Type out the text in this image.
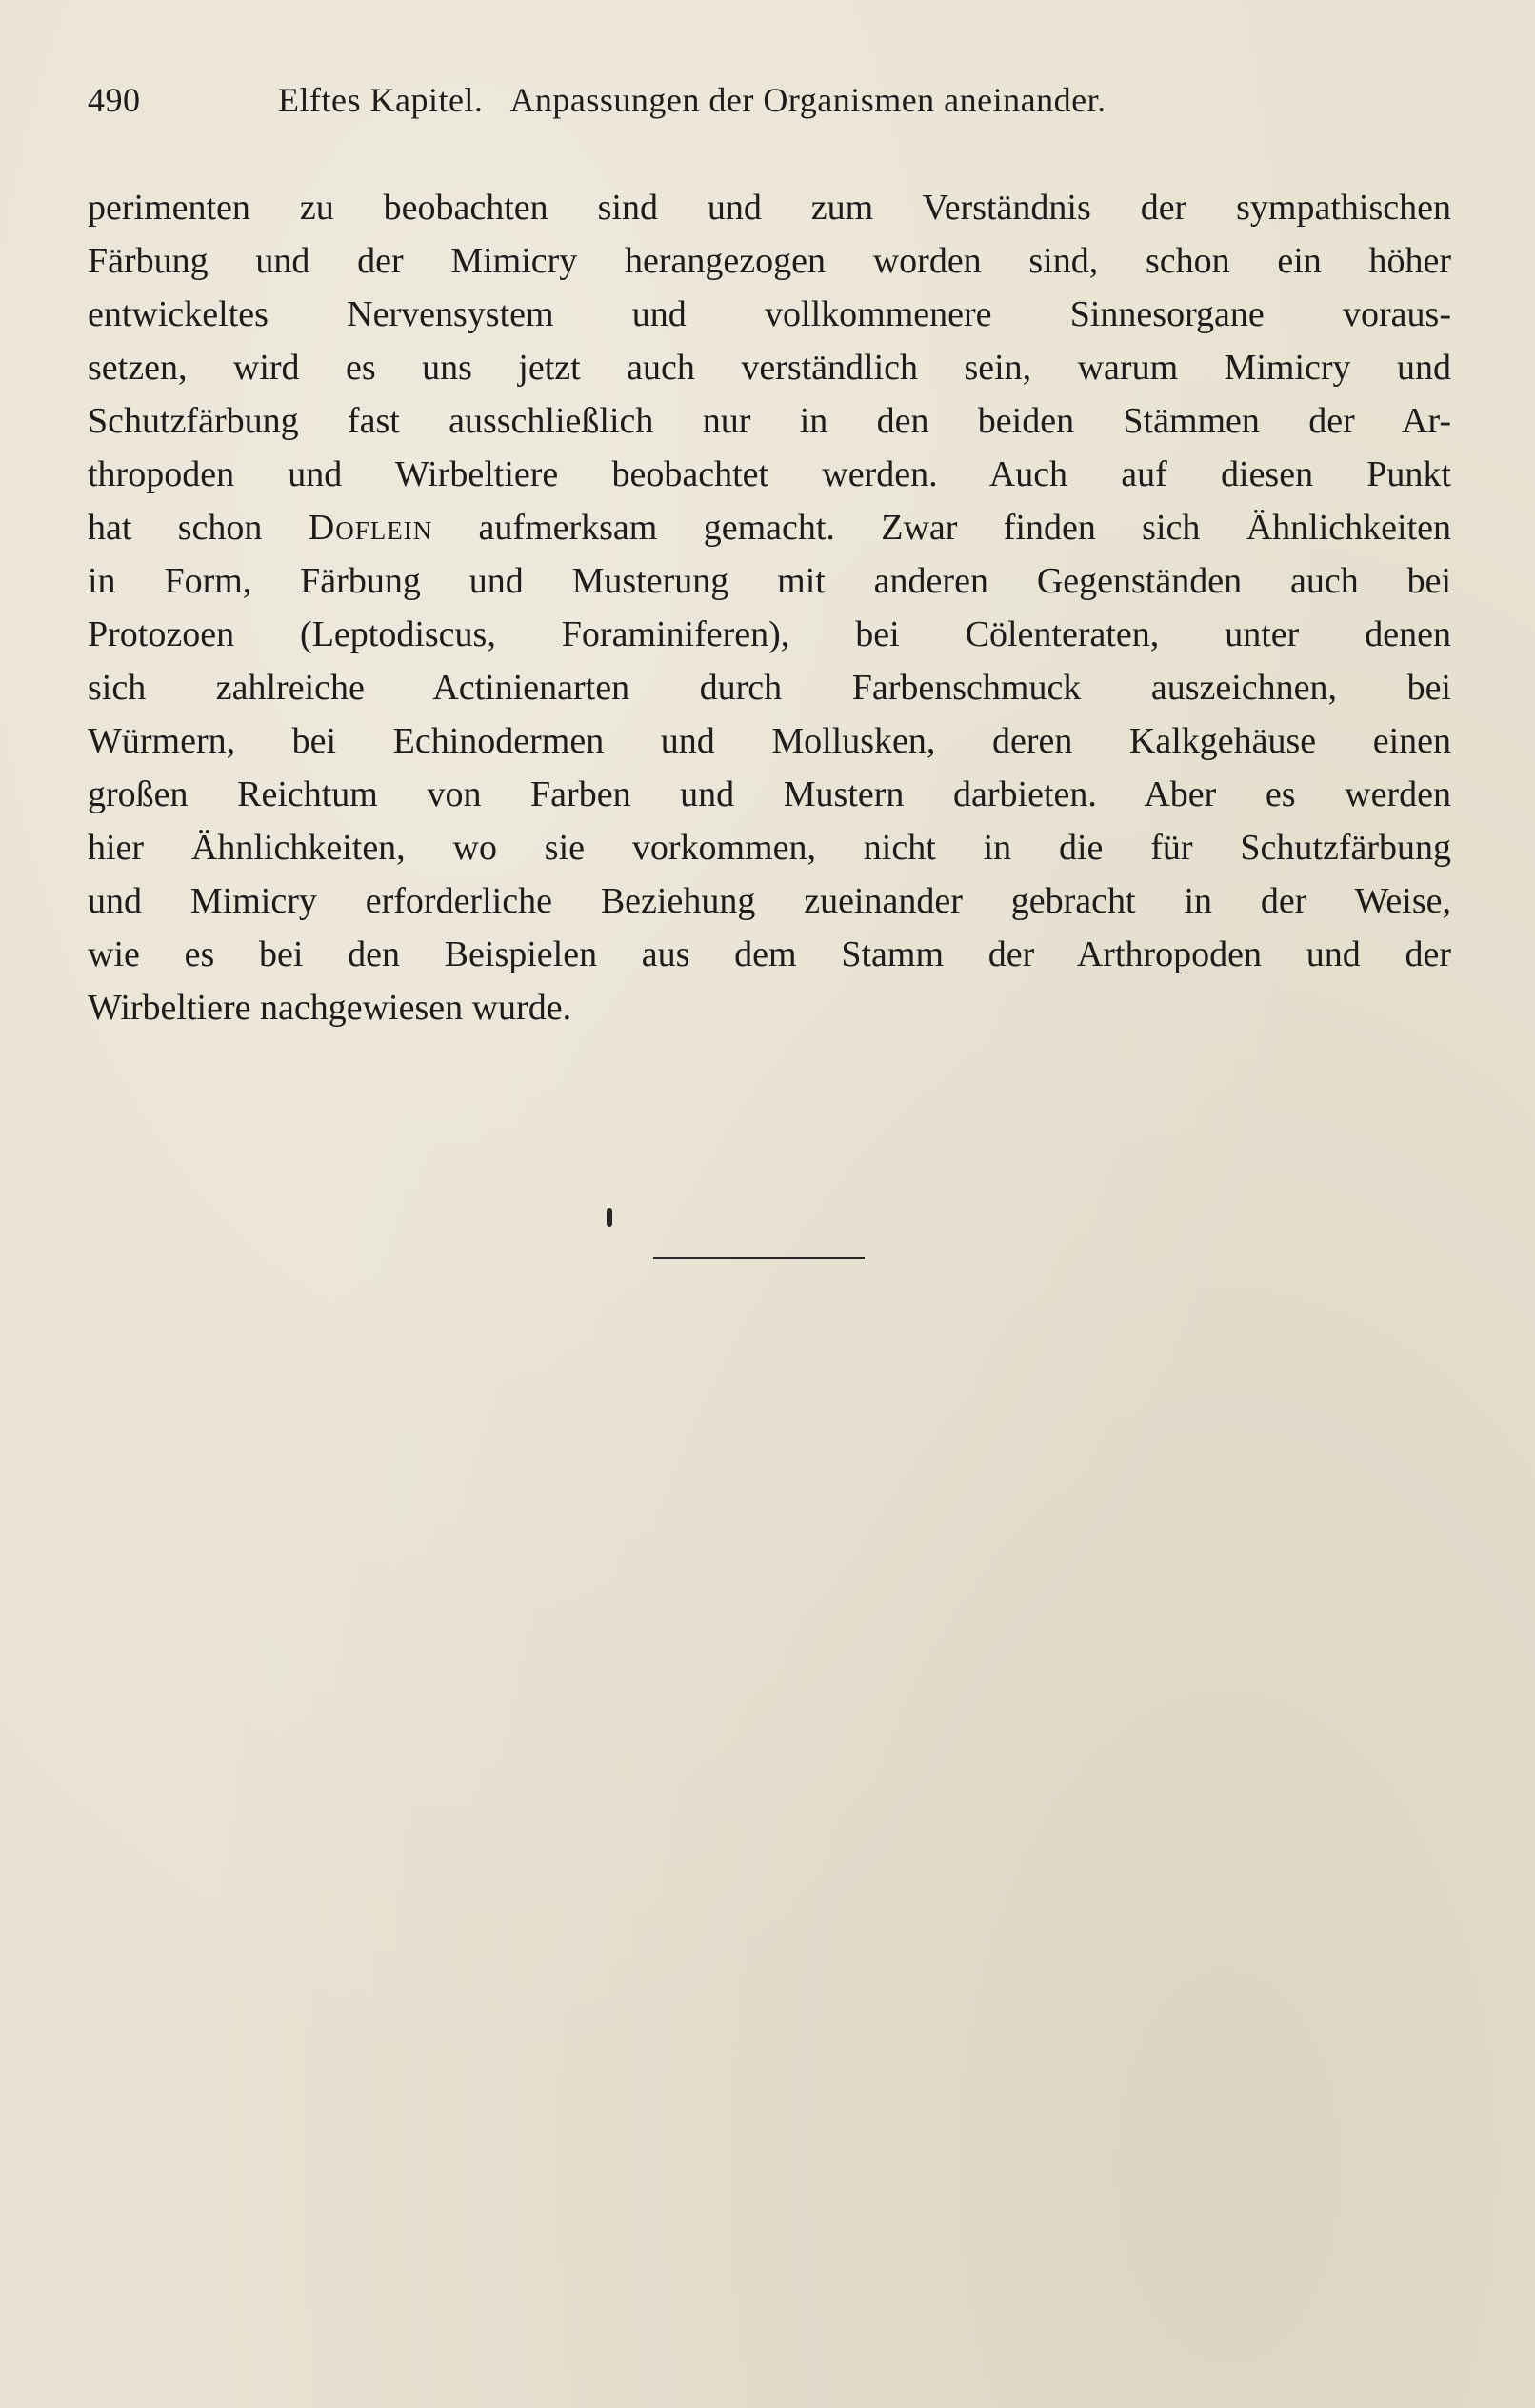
490	Elftes Kapitel. Anpassungen der Organismen aneinander.
perimenten zu beobachten sind und zum Verständnis der sympathischen
Färbung und der Mimicry herangezogen worden sind, schon ein höher
entwickeltes Nervensystem und vollkommenere Sinnesorgane voraus-
setzen, wird es uns jetzt auch verständlich sein, warum Mimicry und
Schutzfärbung fast ausschließlich nur in den beiden Stämmen der Ar-
thropoden und Wirbeltiere beobachtet werden. Auch auf diesen Punkt
hat schon Doflein aufmerksam gemacht. Zwar finden sich Ähnlichkeiten
in Form, Färbung und Musterung mit anderen Gegenständen auch bei
Protozoen (Leptodiscus, Foraminiferen), bei Cölenteraten, unter denen
sich zahlreiche Actinienarten durch Farbenschmuck auszeichnen, bei
Würmern, bei Echinodermen und Mollusken, deren Kalkgehäuse einen
großen Reichtum von Farben und Mustern darbieten. Aber es werden
hier Ähnlichkeiten, wo sie vorkommen, nicht in die für Schutzfärbung
und Mimicry erforderliche Beziehung zueinander gebracht in der Weise,
wie es bei den Beispielen aus dem Stamm der Arthropoden und der
Wirbeltiere nachgewiesen wurde.
